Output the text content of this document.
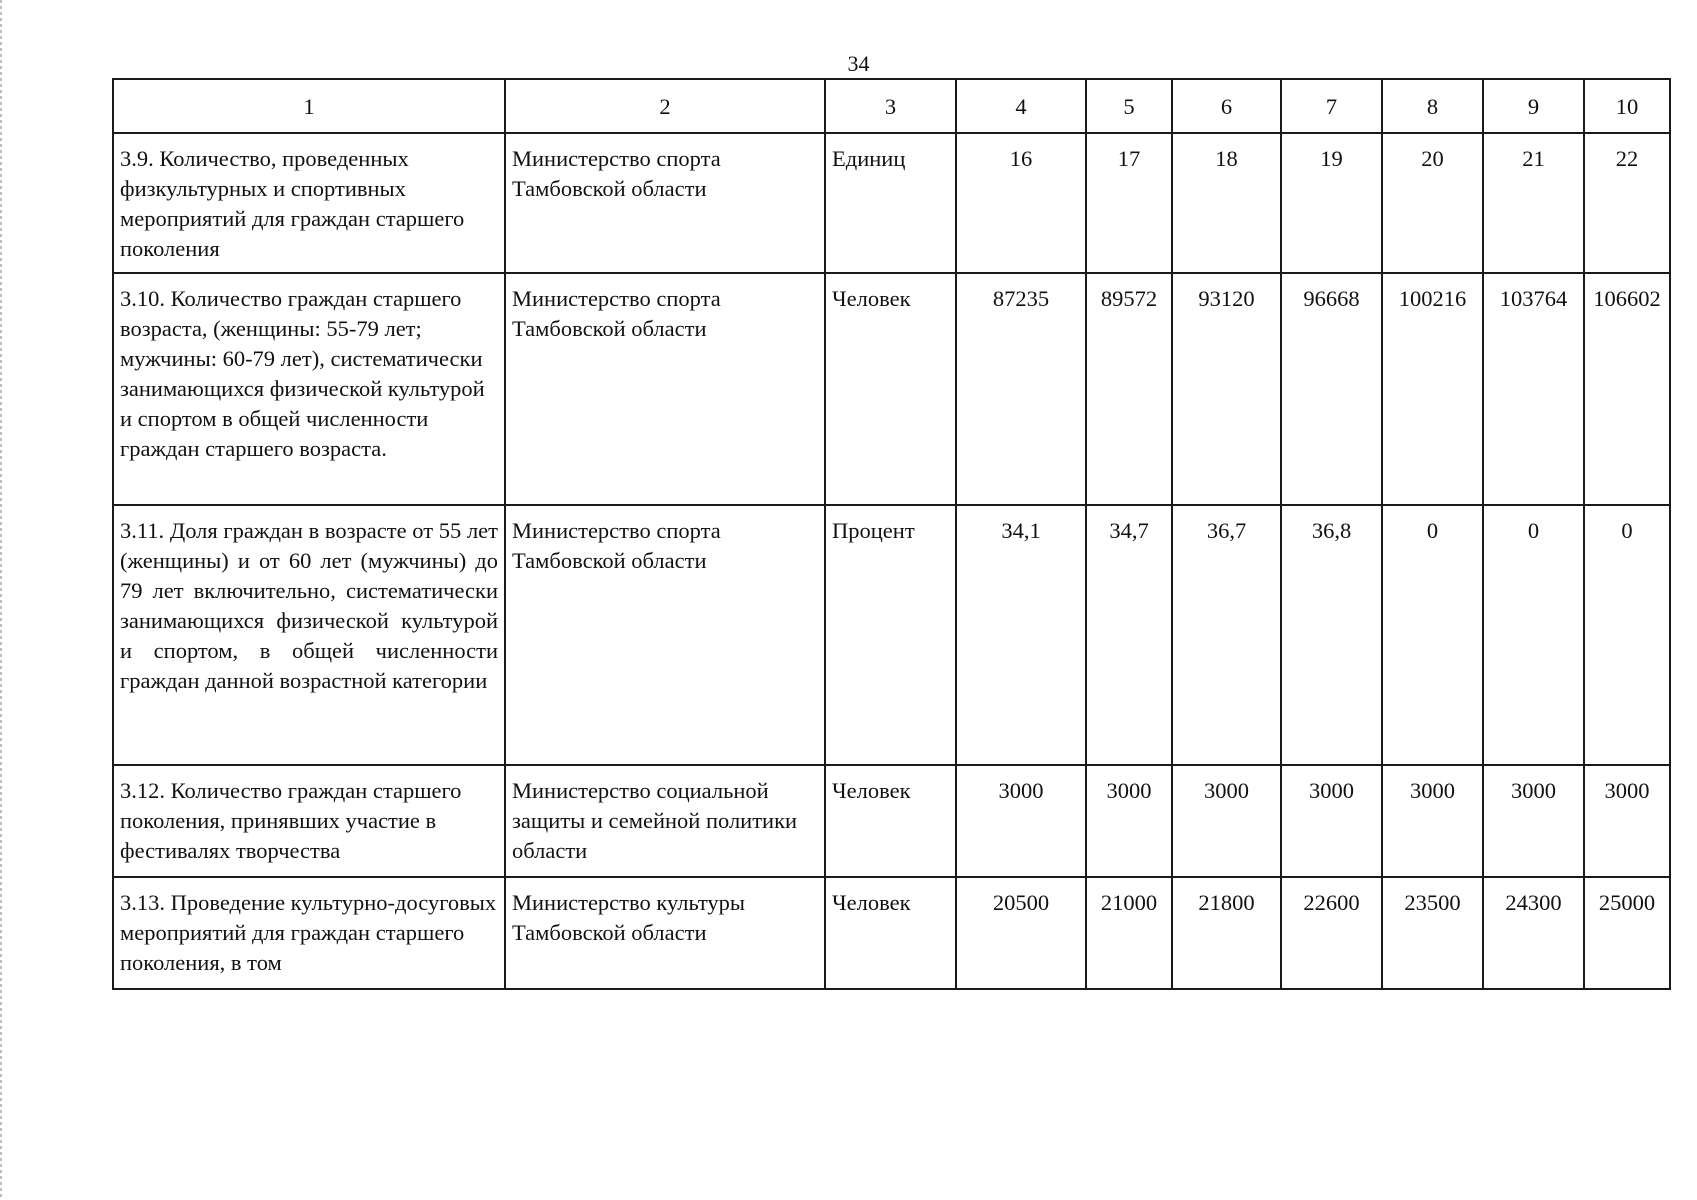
34
1	2	3	4	5	6	7	8	9	10
3.9. Количество, проведенных физкультурных и спортивных мероприятий для граждан старшего поколения	Министерство спорта Тамбовской области	Единиц	16	17	18	19	20	21	22
3.10. Количество граждан старшего возраста, (женщины: 55-79 лет; мужчины: 60-79 лет), систематически занимающихся физической культурой и спортом в общей численности граждан старшего возраста.	Министерство спорта Тамбовской области	Человек	87235	89572	93120	96668	100216	103764	106602
3.11. Доля граждан в возрасте от 55 лет (женщины) и от 60 лет (мужчины) до 79 лет включительно, систематически занимающихся физической культурой и спортом, в общей численности граждан данной возрастной категории	Министерство спорта Тамбовской области	Процент	34,1	34,7	36,7	36,8	0	0	0
3.12. Количество граждан старшего поколения, принявших участие в фестивалях творчества	Министерство социальной защиты и семейной политики области	Человек	3000	3000	3000	3000	3000	3000	3000
3.13. Проведение культурно-досуговых мероприятий для граждан старшего поколения, в том	Министерство культуры Тамбовской области	Человек	20500	21000	21800	22600	23500	24300	25000
